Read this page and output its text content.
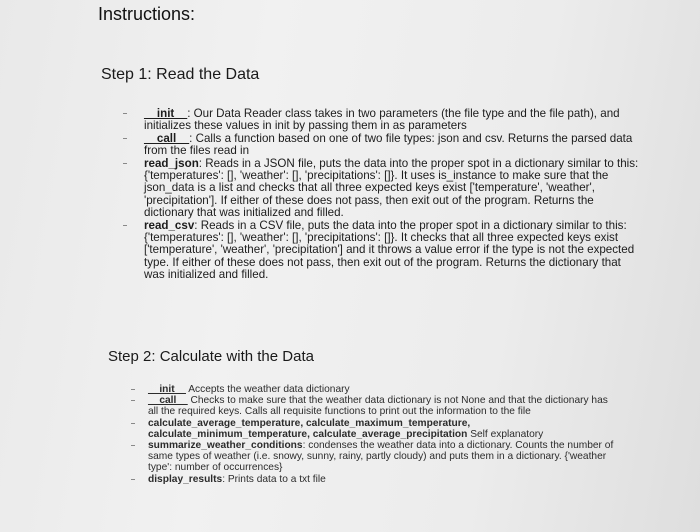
Instructions:
Step 1: Read the Data
__init__: Our Data Reader class takes in two parameters (the file type and the file path), and initializes these values in init by passing them in as parameters
__call__: Calls a function based on one of two file types: json and csv. Returns the parsed data from the files read in
read_json: Reads in a JSON file, puts the data into the proper spot in a dictionary similar to this: {'temperatures': [], 'weather': [], 'precipitations': []}. It uses is_instance to make sure that the json_data is a list and checks that all three expected keys exist ['temperature', 'weather', 'precipitation']. If either of these does not pass, then exit out of the program. Returns the dictionary that was initialized and filled.
read_csv: Reads in a CSV file, puts the data into the proper spot in a dictionary similar to this: {'temperatures': [], 'weather': [], 'precipitations': []}. It checks that all three expected keys exist ['temperature', 'weather', 'precipitation'] and it throws a value error if the type is not the expected type. If either of these does not pass, then exit out of the program. Returns the dictionary that was initialized and filled.
Step 2: Calculate with the Data
__init__ Accepts the weather data dictionary
__call__ Checks to make sure that the weather data dictionary is not None and that the dictionary has all the required keys. Calls all requisite functions to print out the information to the file
calculate_average_temperature, calculate_maximum_temperature, calculate_minimum_temperature, calculate_average_precipitation Self explanatory
summarize_weather_conditions: condenses the weather data into a dictionary. Counts the number of same types of weather (i.e. snowy, sunny, rainy, partly cloudy) and puts them in a dictionary. {'weather type': number of occurrences}
display_results: Prints data to a txt file
